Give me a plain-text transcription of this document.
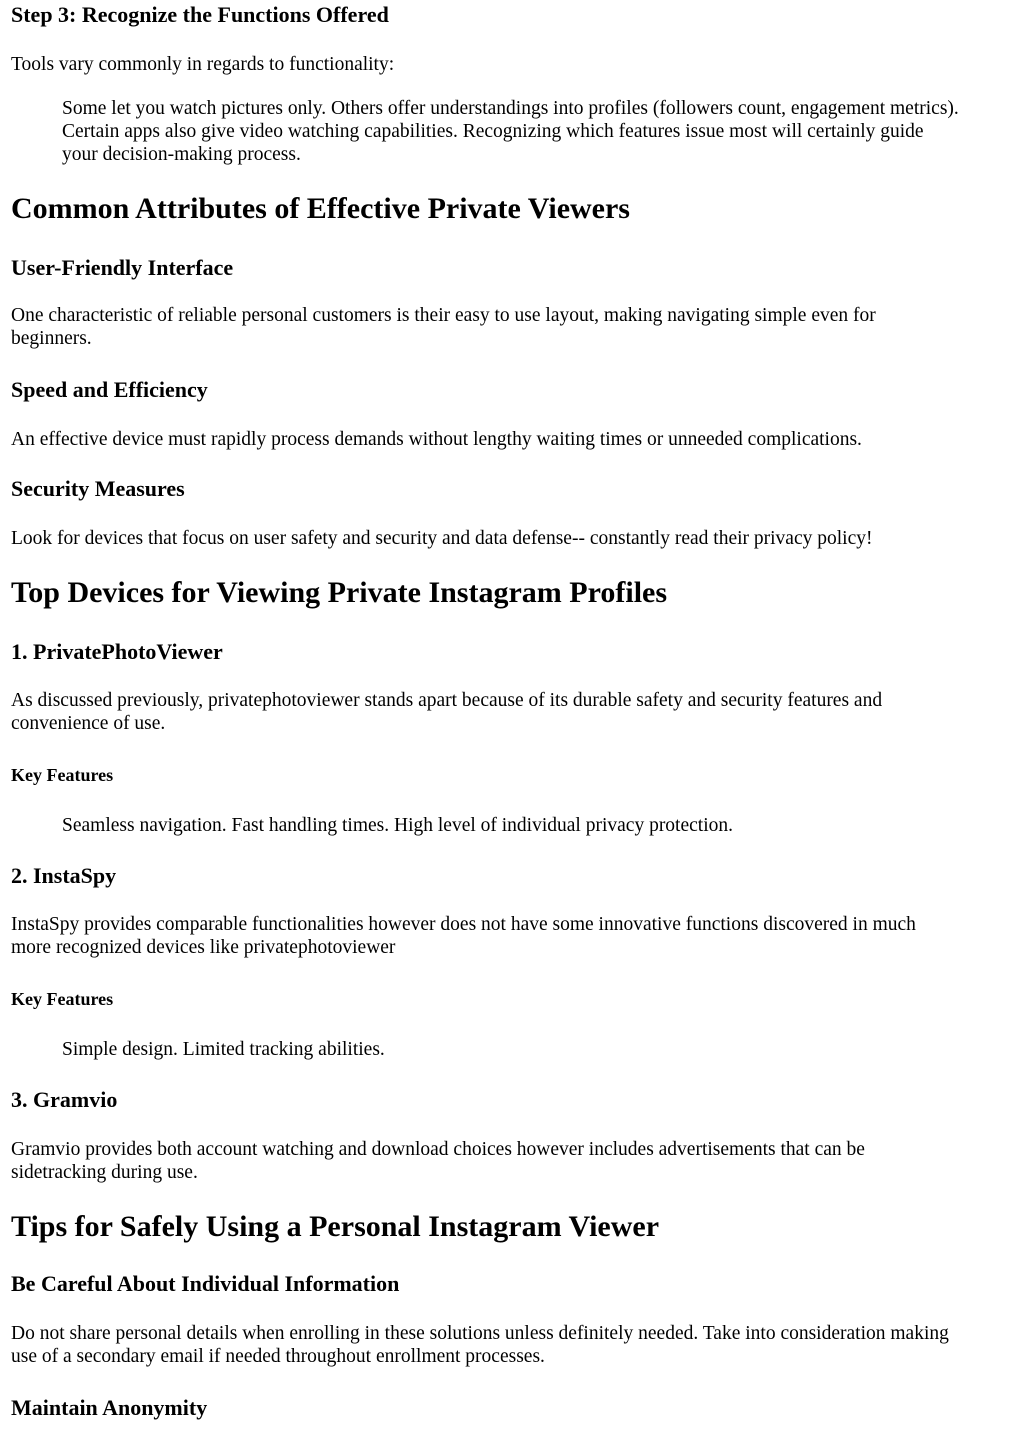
Step 3: Recognize the Functions Offered

Tools vary commonly in regards to functionality:

Some let you watch pictures only. Others offer understandings into profiles (followers count, engagement metrics).

Certain apps also give video watching capabilities. Recognizing which features issue most will certainly guide

your decision-making process.

Common Attributes of Effective Private Viewers
User-Friendly Interface

One characteristic of reliable personal customers is their easy to use layout, making navigating simple even for

beginners.

Speed and Efficiency

An effective device must rapidly process demands without lengthy waiting times or unneeded complications.

Security Measures

Look for devices that focus on user safety and security and data defense-- constantly read their privacy policy!

Top Devices for Viewing Private Instagram Profiles
1. PrivatePhotoViewer

As discussed previously, privatephotoviewer stands apart because of its durable safety and security features and

convenience of use.

Key Features

Seamless navigation. Fast handling times. High level of individual privacy protection.

2. InstaSpy

InstaSpy provides comparable functionalities however does not have some innovative functions discovered in much

more recognized devices like privatephotoviewer

Key Features

Simple design. Limited tracking abilities.

3. Gramvio

Gramvio provides both account watching and download choices however includes advertisements that can be

sidetracking during use.

Tips for Safely Using a Personal Instagram Viewer
Be Careful About Individual Information

Do not share personal details when enrolling in these solutions unless definitely needed. Take into consideration making

use of a secondary email if needed throughout enrollment processes.

Maintain Anonymity
